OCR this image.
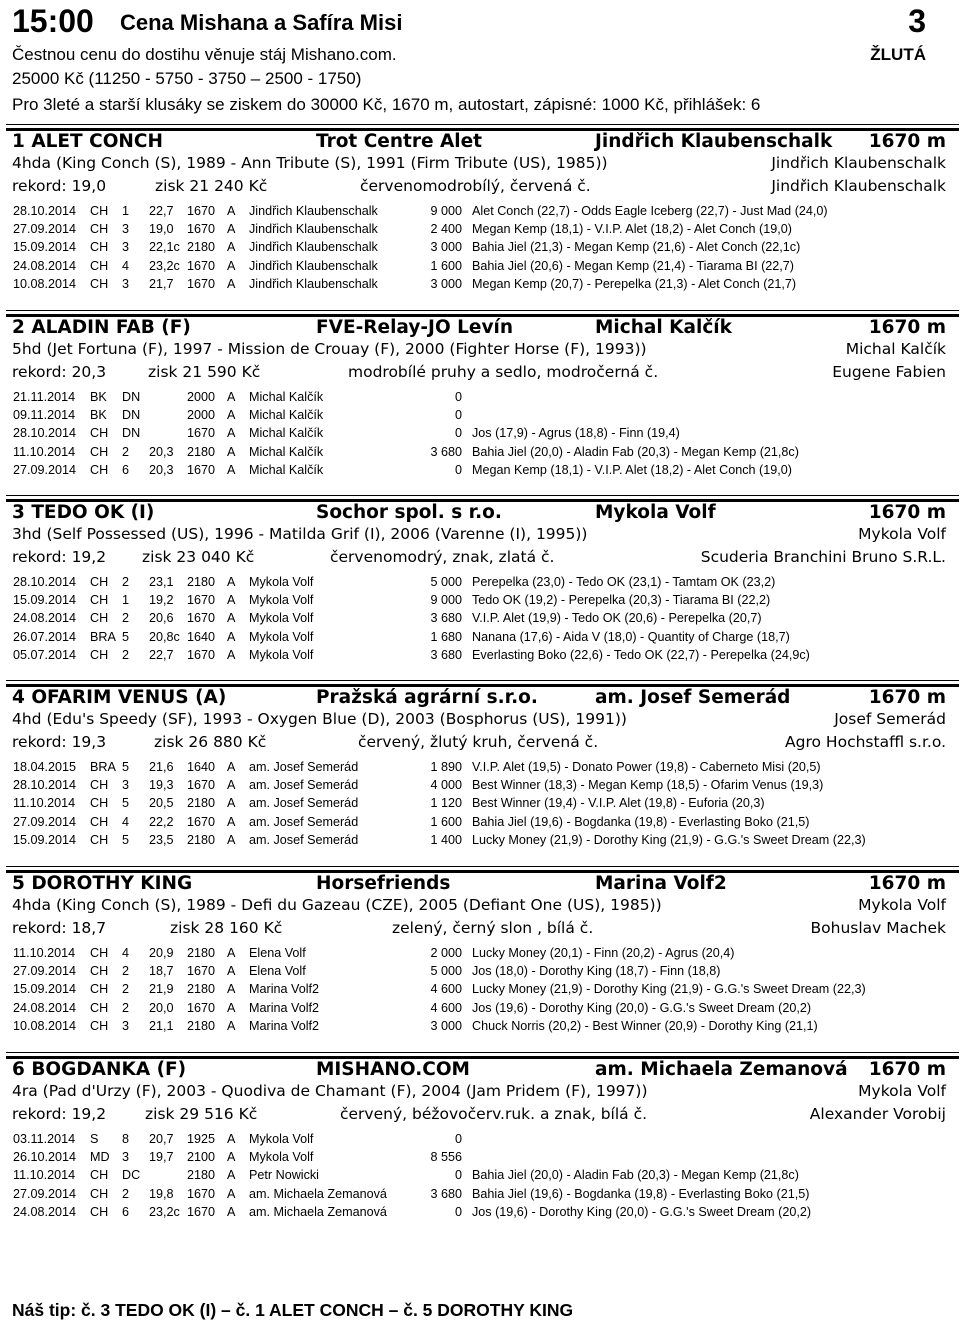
15:00 Cena Mishana a Safíra Misi	3
Čestnou cenu do dostihu věnuje stáj Mishano.com.	ŽLUTÁ
25000 Kč (11250 - 5750 - 3750 – 2500 - 1750)
Pro 3leté a starší klusáky se ziskem do 30000 Kč, 1670 m, autostart, zápisné: 1000 Kč, přihlášek: 6
1 ALET CONCH	Trot Centre Alet	Jindřich Klaubenschalk 1670 m
4hda (King Conch (S), 1989 - Ann Tribute (S), 1991 (Firm Tribute (US), 1985))	Jindřich Klaubenschalk
rekord: 19,0	zisk 21 240 Kč	červenomodrobílý, červená č.	Jindřich Klaubenschalk
28.10.2014 CH 1 22,7 1670 A Jindřich Klaubenschalk	9 000 Alet Conch (22,7) - Odds Eagle Iceberg (22,7) - Just Mad (24,0)
27.09.2014 CH 3 19,0 1670 A Jindřich Klaubenschalk	2 400 Megan Kemp (18,1) - V.I.P. Alet (18,2) - Alet Conch (19,0)
15.09.2014 CH 3 22,1c 2180 A Jindřich Klaubenschalk	3 000 Bahia Jiel (21,3) - Megan Kemp (21,6) - Alet Conch (22,1c)
24.08.2014 CH 4 23,2c 1670 A Jindřich Klaubenschalk	1 600 Bahia Jiel (20,6) - Megan Kemp (21,4) - Tiarama BI (22,7)
10.08.2014 CH 3 21,7 1670 A Jindřich Klaubenschalk	3 000 Megan Kemp (20,7) - Perepelka (21,3) - Alet Conch (21,7)
2 ALADIN FAB (F)	FVE-Relay-JO Levín	Michal Kalčík	1670 m
5hd (Jet Fortuna (F), 1997 - Mission de Crouay (F), 2000 (Fighter Horse (F), 1993))	Michal Kalčík
rekord: 20,3	zisk 21 590 Kč	modrobílé pruhy a sedlo, modročerná č.	Eugene Fabien
21.11.2014 BK DN	2000 A Michal Kalčík	0
09.11.2014 BK DN	2000 A Michal Kalčík	0
28.10.2014 CH DN	1670 A Michal Kalčík	0 Jos (17,9) - Agrus (18,8) - Finn (19,4)
11.10.2014 CH 2 20,3 2180 A Michal Kalčík	3 680 Bahia Jiel (20,0) - Aladin Fab (20,3) - Megan Kemp (21,8c)
27.09.2014 CH 6 20,3 1670 A Michal Kalčík	0 Megan Kemp (18,1) - V.I.P. Alet (18,2) - Alet Conch (19,0)
3 TEDO OK (I)	Sochor spol. s r.o.	Mykola Volf	1670 m
3hd (Self Possessed (US), 1996 - Matilda Grif (I), 2006 (Varenne (I), 1995))	Mykola Volf
rekord: 19,2 zisk 23 040 Kč	červenomodrý, znak, zlatá č.	Scuderia Branchini Bruno S.R.L.
28.10.2014 CH 2 23,1 2180 A Mykola Volf	5 000 Perepelka (23,0) - Tedo OK (23,1) - Tamtam OK (23,2)
15.09.2014 CH 1 19,2 1670 A Mykola Volf	9 000 Tedo OK (19,2) - Perepelka (20,3) - Tiarama BI (22,2)
24.08.2014 CH 2 20,6 1670 A Mykola Volf	3 680 V.I.P. Alet (19,9) - Tedo OK (20,6) - Perepelka (20,7)
26.07.2014 BRA 5 20,8c 1640 A Mykola Volf	1 680 Nanana (17,6) - Aida V (18,0) - Quantity of Charge (18,7)
05.07.2014 CH 2 22,7 1670 A Mykola Volf	3 680 Everlasting Boko (22,6) - Tedo OK (22,7) - Perepelka (24,9c)
4 OFARIM VENUS (A)	Pražská agrární s.r.o.	am. Josef Semerád	1670 m
4hd (Edu's Speedy (SF), 1993 - Oxygen Blue (D), 2003 (Bosphorus (US), 1991))	Josef Semerád
rekord: 19,3	zisk 26 880 Kč	červený, žlutý kruh, červená č.	Agro Hochstaffl s.r.o.
18.04.2015 BRA 5 21,6 1640 A am. Josef Semerád	1 890 V.I.P. Alet (19,5) - Donato Power (19,8) - Caberneto Misi (20,5)
28.10.2014 CH 3 19,3 1670 A am. Josef Semerád	4 000 Best Winner (18,3) - Megan Kemp (18,5) - Ofarim Venus (19,3)
11.10.2014 CH 5 20,5 2180 A am. Josef Semerád	1 120 Best Winner (19,4) - V.I.P. Alet (19,8) - Euforia (20,3)
27.09.2014 CH 4 22,2 1670 A am. Josef Semerád	1 600 Bahia Jiel (19,6) - Bogdanka (19,8) - Everlasting Boko (21,5)
15.09.2014 CH 5 23,5 2180 A am. Josef Semerád	1 400 Lucky Money (21,9) - Dorothy King (21,9) - G.G.'s Sweet Dream (22,3)
5 DOROTHY KING	Horsefriends	Marina Volf2	1670 m
4hda (King Conch (S), 1989 - Defi du Gazeau (CZE), 2005 (Defiant One (US), 1985))	Mykola Volf
rekord: 18,7	zisk 28 160 Kč	zelený, černý slon , bílá č.	Bohuslav Machek
11.10.2014 CH 4 20,9 2180 A Elena Volf	2 000 Lucky Money (20,1) - Finn (20,2) - Agrus (20,4)
27.09.2014 CH 2 18,7 1670 A Elena Volf	5 000 Jos (18,0) - Dorothy King (18,7) - Finn (18,8)
15.09.2014 CH 2 21,9 2180 A Marina Volf2	4 600 Lucky Money (21,9) - Dorothy King (21,9) - G.G.'s Sweet Dream (22,3)
24.08.2014 CH 2 20,0 1670 A Marina Volf2	4 600 Jos (19,6) - Dorothy King (20,0) - G.G.'s Sweet Dream (20,2)
10.08.2014 CH 3 21,1 2180 A Marina Volf2	3 000 Chuck Norris (20,2) - Best Winner (20,9) - Dorothy King (21,1)
6 BOGDANKA (F)	MISHANO.COM	am. Michaela Zemanová 1670 m
4ra (Pad d'Urzy (F), 2003 - Quodiva de Chamant (F), 2004 (Jam Pridem (F), 1997))	Mykola Volf
rekord: 19,2	zisk 29 516 Kč	červený, béžovočerv.ruk. a znak, bílá č.	Alexander Vorobij
03.11.2014 S 8 20,7 1925 A Mykola Volf	0
26.10.2014 MD 3 19,7 2100 A Mykola Volf	8 556
11.10.2014 CH DC	2180 A Petr Nowicki	0 Bahia Jiel (20,0) - Aladin Fab (20,3) - Megan Kemp (21,8c)
27.09.2014 CH 2 19,8 1670 A am. Michaela Zemanová	3 680 Bahia Jiel (19,6) - Bogdanka (19,8) - Everlasting Boko (21,5)
24.08.2014 CH 6 23,2c 1670 A am. Michaela Zemanová	0 Jos (19,6) - Dorothy King (20,0) - G.G.'s Sweet Dream (20,2)
Náš tip: č. 3 TEDO OK (I) – č. 1 ALET CONCH – č. 5 DOROTHY KING
